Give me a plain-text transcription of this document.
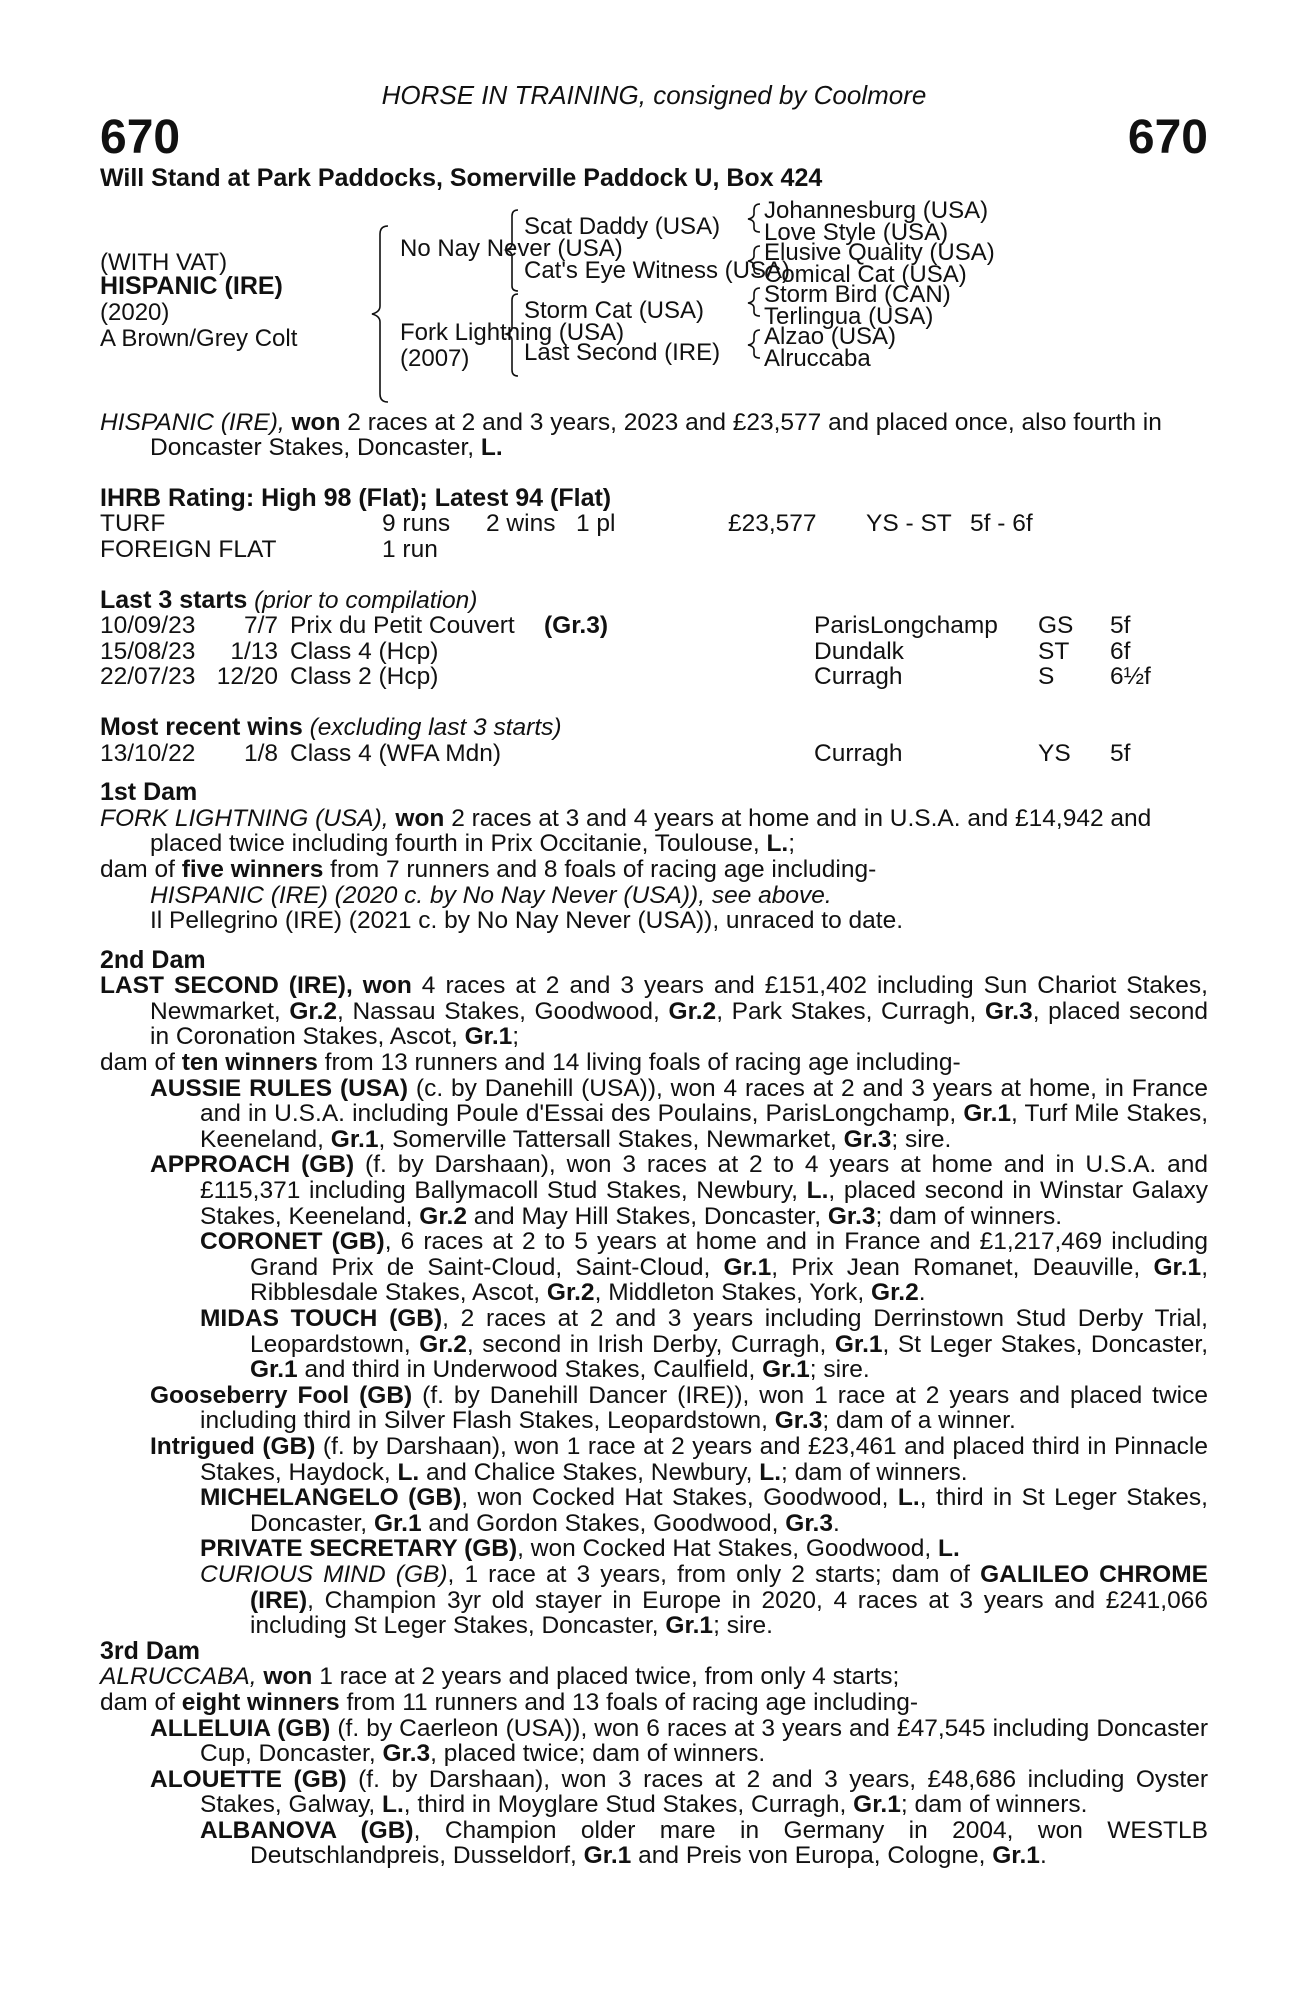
HORSE IN TRAINING, consigned by Coolmore
670	670
Will Stand at Park Paddocks, Somerville Paddock U, Box 424
(WITH VAT)
HISPANIC (IRE)
(2020)
A Brown/Grey Colt
No Nay Never (USA)
Fork Lightning (USA)
(2007)
Scat Daddy (USA)
Cat's Eye Witness (USA)
Storm Cat (USA)
Last Second (IRE)
Johannesburg (USA)
Love Style (USA)
Elusive Quality (USA)
Comical Cat (USA)
Storm Bird (CAN)
Terlingua (USA)
Alzao (USA)
Alruccaba

HISPANIC (IRE), won 2 races at 2 and 3 years, 2023 and £23,577 and placed once, also fourth in Doncaster Stakes, Doncaster, L.

IHRB Rating: High 98 (Flat); Latest 94 (Flat)
TURF	9 runs 2 wins 1 pl	£23,577 YS - ST 5f - 6f
FOREIGN FLAT	1 run
Last 3 starts (prior to compilation)
10/09/23 7/7 Prix du Petit Couvert (Gr.3)	ParisLongchamp GS 5f
15/08/23 1/13 Class 4 (Hcp)	Dundalk	ST 6f
22/07/23 12/20 Class 2 (Hcp)	Curragh	S 6½f
Most recent wins (excluding last 3 starts)
13/10/22 1/8 Class 4 (WFA Mdn)	Curragh	YS 5f
1st Dam

FORK LIGHTNING (USA), won 2 races at 3 and 4 years at home and in U.S.A. and £14,942 and placed twice including fourth in Prix Occitanie, Toulouse, L.;

dam of five winners from 7 runners and 8 foals of racing age including-

HISPANIC (IRE) (2020 c. by No Nay Never (USA)), see above.

Il Pellegrino (IRE) (2021 c. by No Nay Never (USA)), unraced to date.

2nd Dam

LAST SECOND (IRE), won 4 races at 2 and 3 years and £151,402 including Sun Chariot Stakes, Newmarket, Gr.2, Nassau Stakes, Goodwood, Gr.2, Park Stakes, Curragh, Gr.3, placed second in Coronation Stakes, Ascot, Gr.1;

dam of ten winners from 13 runners and 14 living foals of racing age including-

AUSSIE RULES (USA) (c. by Danehill (USA)), won 4 races at 2 and 3 years at home, in France and in U.S.A. including Poule d'Essai des Poulains, ParisLongchamp, Gr.1, Turf Mile Stakes, Keeneland, Gr.1, Somerville Tattersall Stakes, Newmarket, Gr.3; sire.

APPROACH (GB) (f. by Darshaan), won 3 races at 2 to 4 years at home and in U.S.A. and £115,371 including Ballymacoll Stud Stakes, Newbury, L., placed second in Winstar Galaxy Stakes, Keeneland, Gr.2 and May Hill Stakes, Doncaster, Gr.3; dam of winners.

CORONET (GB), 6 races at 2 to 5 years at home and in France and £1,217,469 including Grand Prix de Saint-Cloud, Saint-Cloud, Gr.1, Prix Jean Romanet, Deauville, Gr.1, Ribblesdale Stakes, Ascot, Gr.2, Middleton Stakes, York, Gr.2.

MIDAS TOUCH (GB), 2 races at 2 and 3 years including Derrinstown Stud Derby Trial, Leopardstown, Gr.2, second in Irish Derby, Curragh, Gr.1, St Leger Stakes, Doncaster, Gr.1 and third in Underwood Stakes, Caulfield, Gr.1; sire.

Gooseberry Fool (GB) (f. by Danehill Dancer (IRE)), won 1 race at 2 years and placed twice including third in Silver Flash Stakes, Leopardstown, Gr.3; dam of a winner.

Intrigued (GB) (f. by Darshaan), won 1 race at 2 years and £23,461 and placed third in Pinnacle Stakes, Haydock, L. and Chalice Stakes, Newbury, L.; dam of winners.

MICHELANGELO (GB), won Cocked Hat Stakes, Goodwood, L., third in St Leger Stakes, Doncaster, Gr.1 and Gordon Stakes, Goodwood, Gr.3.

PRIVATE SECRETARY (GB), won Cocked Hat Stakes, Goodwood, L.

CURIOUS MIND (GB), 1 race at 3 years, from only 2 starts; dam of GALILEO CHROME (IRE), Champion 3yr old stayer in Europe in 2020, 4 races at 3 years and £241,066 including St Leger Stakes, Doncaster, Gr.1; sire.

3rd Dam

ALRUCCABA, won 1 race at 2 years and placed twice, from only 4 starts;

dam of eight winners from 11 runners and 13 foals of racing age including-

ALLELUIA (GB) (f. by Caerleon (USA)), won 6 races at 3 years and £47,545 including Doncaster Cup, Doncaster, Gr.3, placed twice; dam of winners.

ALOUETTE (GB) (f. by Darshaan), won 3 races at 2 and 3 years, £48,686 including Oyster Stakes, Galway, L., third in Moyglare Stud Stakes, Curragh, Gr.1; dam of winners.

ALBANOVA (GB), Champion older mare in Germany in 2004, won WESTLB Deutschlandpreis, Dusseldorf, Gr.1 and Preis von Europa, Cologne, Gr.1.
